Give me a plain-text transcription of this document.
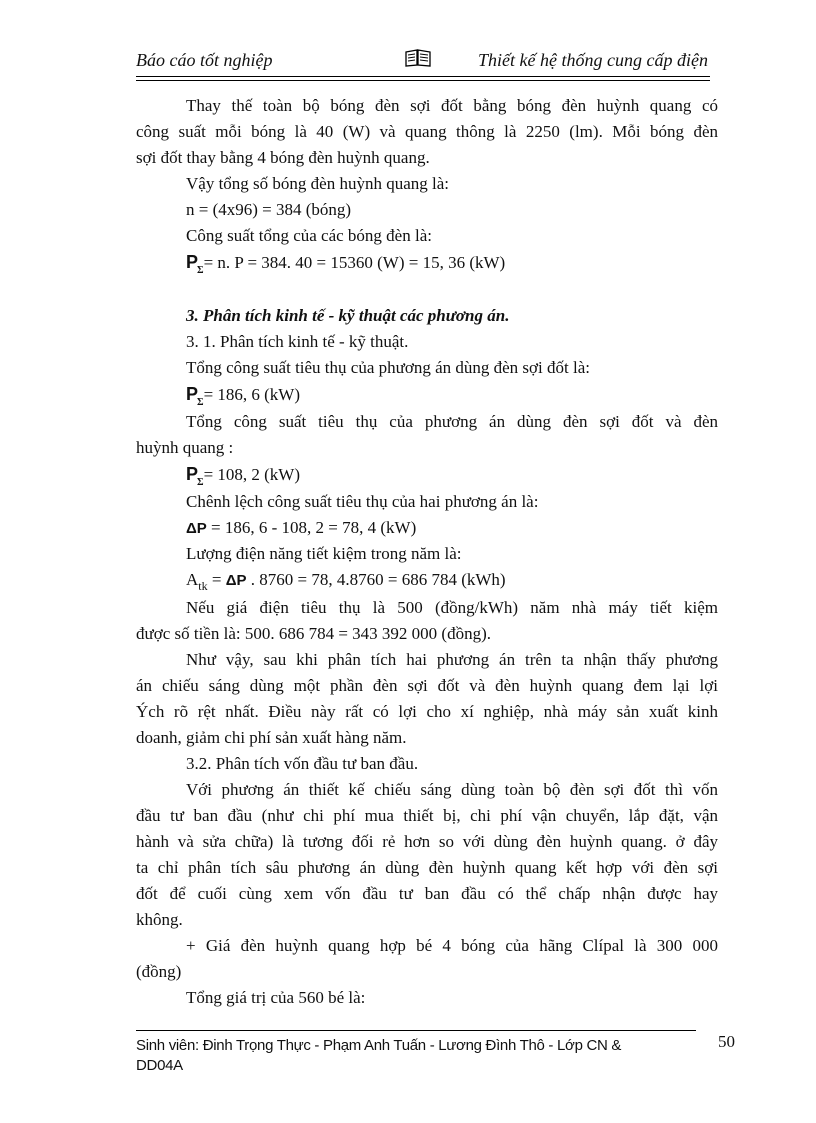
Báo cáo tốt nghiệp	Thiết kế hệ thống cung cấp điện
Thay thế toàn bộ bóng đèn sợi đốt bằng bóng đèn huỳnh quang có
công suất mỗi bóng là 40 (W) và quang thông là 2250 (lm). Mỗi bóng đèn
sợi đốt thay bằng 4 bóng đèn huỳnh quang.
Vậy tổng số bóng đèn huỳnh quang là:
n = (4x96) = 384 (bóng)
Công suất tổng của các bóng đèn là:
$P_\Sigma= n$. P = 384. 40 = 15360 (W) = 15, 36 (kW)
3. Phân tích kinh tế - kỹ thuật các phương án.
3. 1. Phân tích kinh tế - kỹ thuật.
Tổng công suất tiêu thụ của phương án dùng đèn sợi đốt là:
$P_\Sigma= 186$, 6 (kW)
Tổng công suất tiêu thụ của phương án dùng đèn sợi đốt và đèn
huỳnh quang :
$P_\Sigma= 108$, 2 (kW)
Chênh lệch công suất tiêu thụ của hai phương án là:
ΔP = 186, 6 - 108, 2 = 78, 4 (kW)
Lượng điện năng tiết kiệm trong năm là:
$A_{tk} = \Delta P$ . 8760 = 78, 4.8760 = 686 784 (kWh)
Nếu giá điện tiêu thụ là 500 (đồng/kWh) năm nhà máy tiết kiệm
được số tiền là: 500. 686 784 = 343 392 000 (đồng).
Như vậy, sau khi phân tích hai phương án trên ta nhận thấy phương
án chiếu sáng dùng một phần đèn sợi đốt và đèn huỳnh quang đem lại lợi
Ých rõ rệt nhất. Điều này rất có lợi cho xí nghiệp, nhà máy sản xuất kinh
doanh, giảm chi phí sản xuất hàng năm.
3.2. Phân tích vốn đầu tư ban đầu.
Với phương án thiết kế chiếu sáng dùng toàn bộ đèn sợi đốt thì vốn
đầu tư ban đầu (như chi phí mua thiết bị, chi phí vận chuyển, lắp đặt, vận
hành và sửa chữa) là tương đối rẻ hơn so với dùng đèn huỳnh quang. ở đây
ta chỉ phân tích sâu phương án dùng đèn huỳnh quang kết hợp với đèn sợi
đốt để cuối cùng xem vốn đầu tư ban đầu có thể chấp nhận được hay
không.
+ Giá đèn huỳnh quang hợp bé 4 bóng của hãng Clípal là 300 000
(đồng)
Tổng giá trị của 560 bé là:
Sinh viên: Đinh Trọng Thực - Phạm Anh Tuấn - Lương Đình Thô - Lớp CN &
DD04A
50
